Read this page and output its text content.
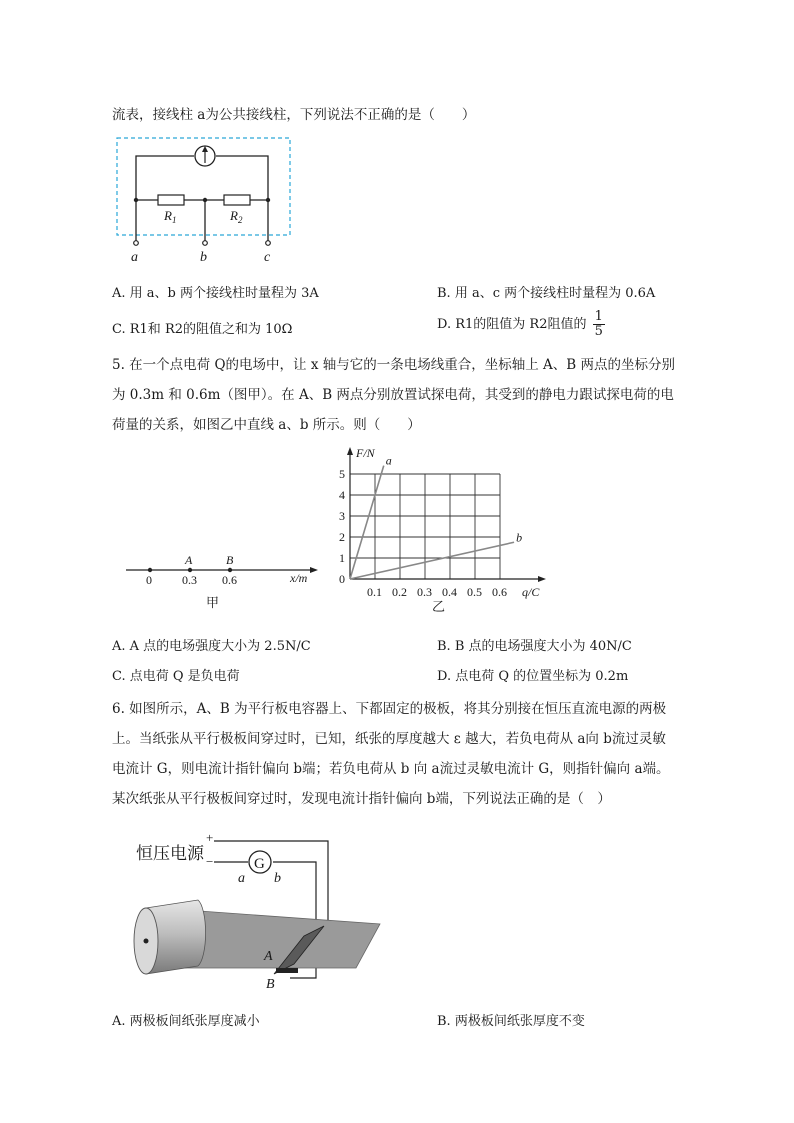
流表，接线柱 a为公共接线柱，下列说法不正确的是（　　）
$R_1$	$R_2$
a	b	c
A. 用 a、b 两个接线柱时量程为 3A	B. 用 a、c 两个接线柱时量程为 0.6A
C. R1和 R2的阻值之和为 10Ω	D. R1的阻值为 R2阻值的 $\frac{1}{5}$
5. 在一个点电荷 Q的电场中，让 x 轴与它的一条电场线重合，坐标轴上 A、B 两点的坐标分别
为 0.3m 和 0.6m（图甲）。在 A、B 两点分别放置试探电荷，其受到的静电力跟试探电荷的电
荷量的关系，如图乙中直线 a、b 所示。则（　　）
A	B
0	0.3 0.6	x/m
甲
0
1
2
3
4
5
0.1 0.2 0.3 0.4 0.5 0.6 q/C
F/N
乙
a
b
A. A 点的电场强度大小为 2.5N/C	B. B 点的电场强度大小为 40N/C
C. 点电荷 Q 是负电荷	D. 点电荷 Q 的位置坐标为 0.2m
6. 如图所示，A、B 为平行板电容器上、下都固定的极板，将其分别接在恒压直流电源的两极
上。当纸张从平行极板间穿过时，已知，纸张的厚度越大 ε 越大，若负电荷从 a向 b流过灵敏
电流计 G，则电流计指针偏向 b端；若负电荷从 b 向 a流过灵敏电流计 G，则指针偏向 a端。
某次纸张从平行极板间穿过时，发现电流计指针偏向 b端，下列说法正确的是（　）
G
恒压电源
+
−
a b
A
B
A. 两极板间纸张厚度减小	B. 两极板间纸张厚度不变
